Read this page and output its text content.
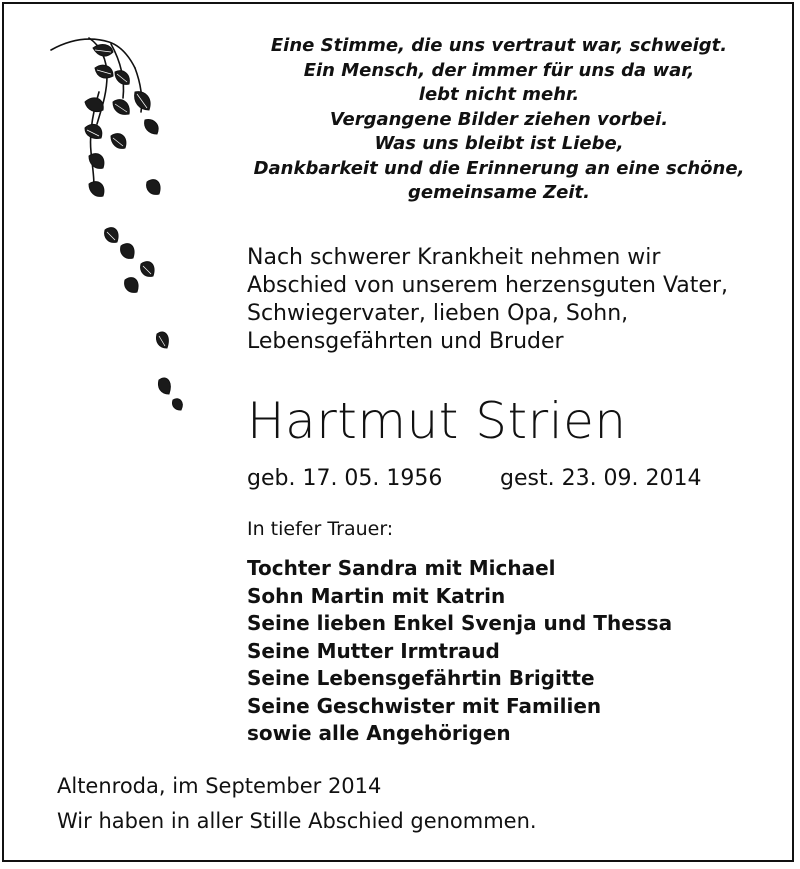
Eine Stimme, die uns vertraut war, schweigt.
Ein Mensch, der immer für uns da war,
lebt nicht mehr.
Vergangene Bilder ziehen vorbei.
Was uns bleibt ist Liebe,
Dankbarkeit und die Erinnerung an eine schöne,
gemeinsame Zeit.
Nach schwerer Krankheit nehmen wir
Abschied von unserem herzensguten Vater,
Schwiegervater, lieben Opa, Sohn,
Lebensgefährten und Bruder
Hartmut Strien
geb. 17. 05. 1956	gest. 23. 09. 2014
In tiefer Trauer:
Tochter Sandra mit Michael
Sohn Martin mit Katrin
Seine lieben Enkel Svenja und Thessa
Seine Mutter Irmtraud
Seine Lebensgefährtin Brigitte
Seine Geschwister mit Familien
sowie alle Angehörigen
Altenroda, im September 2014
Wir haben in aller Stille Abschied genommen.
